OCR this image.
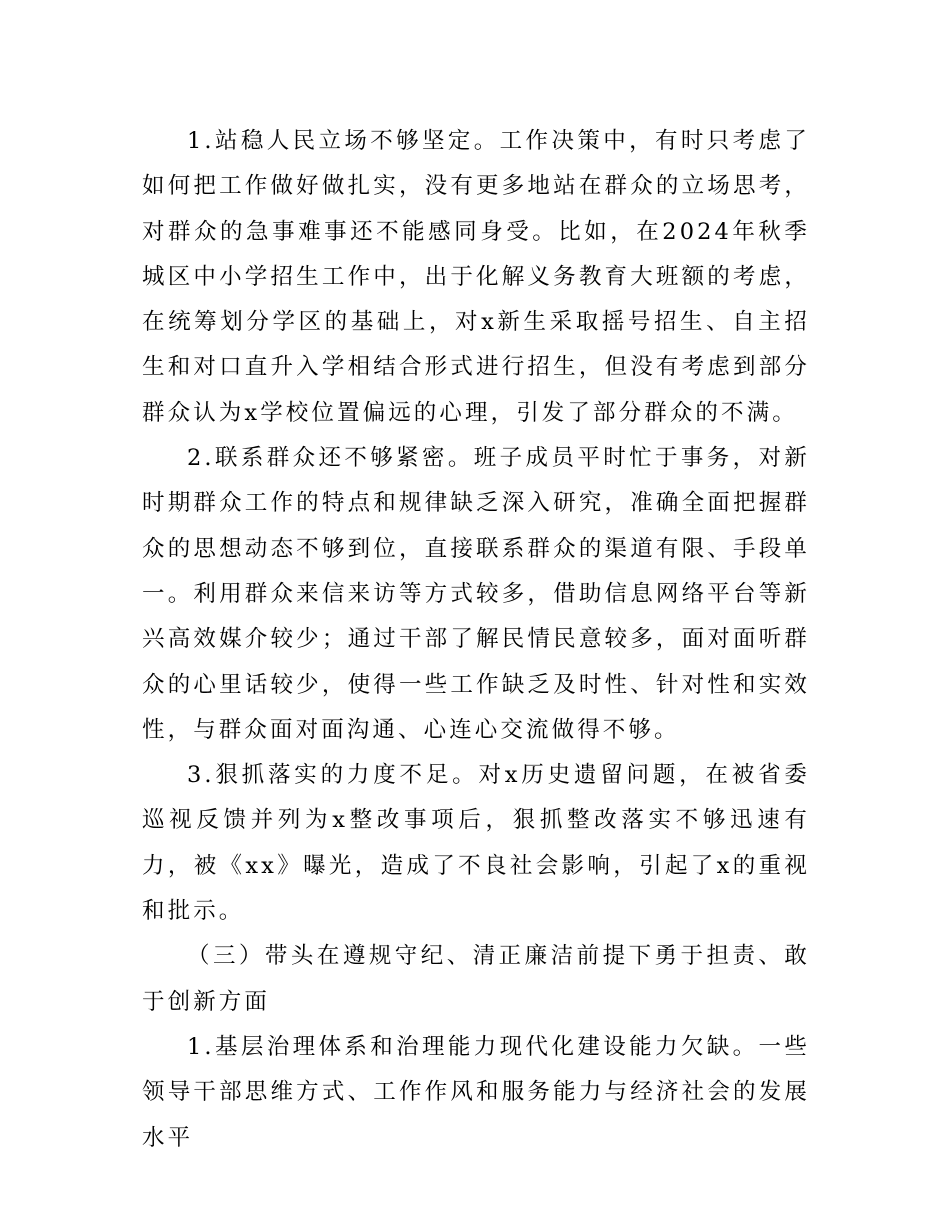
1.站稳人民立场不够坚定。工作决策中，有时只考虑了如何把工作做好做扎实，没有更多地站在群众的立场思考，对群众的急事难事还不能感同身受。比如，在2024年秋季城区中小学招生工作中，出于化解义务教育大班额的考虑，在统筹划分学区的基础上，对x新生采取摇号招生、自主招生和对口直升入学相结合形式进行招生，但没有考虑到部分群众认为x学校位置偏远的心理，引发了部分群众的不满。

2.联系群众还不够紧密。班子成员平时忙于事务，对新时期群众工作的特点和规律缺乏深入研究，准确全面把握群众的思想动态不够到位，直接联系群众的渠道有限、手段单一。利用群众来信来访等方式较多，借助信息网络平台等新兴高效媒介较少；通过干部了解民情民意较多，面对面听群众的心里话较少，使得一些工作缺乏及时性、针对性和实效性，与群众面对面沟通、心连心交流做得不够。

3.狠抓落实的力度不足。对x历史遗留问题，在被省委巡视反馈并列为x整改事项后，狠抓整改落实不够迅速有力，被《xx》曝光，造成了不良社会影响，引起了x的重视和批示。

（三）带头在遵规守纪、清正廉洁前提下勇于担责、敢于创新方面

1.基层治理体系和治理能力现代化建设能力欠缺。一些领导干部思维方式、工作作风和服务能力与经济社会的发展水平
